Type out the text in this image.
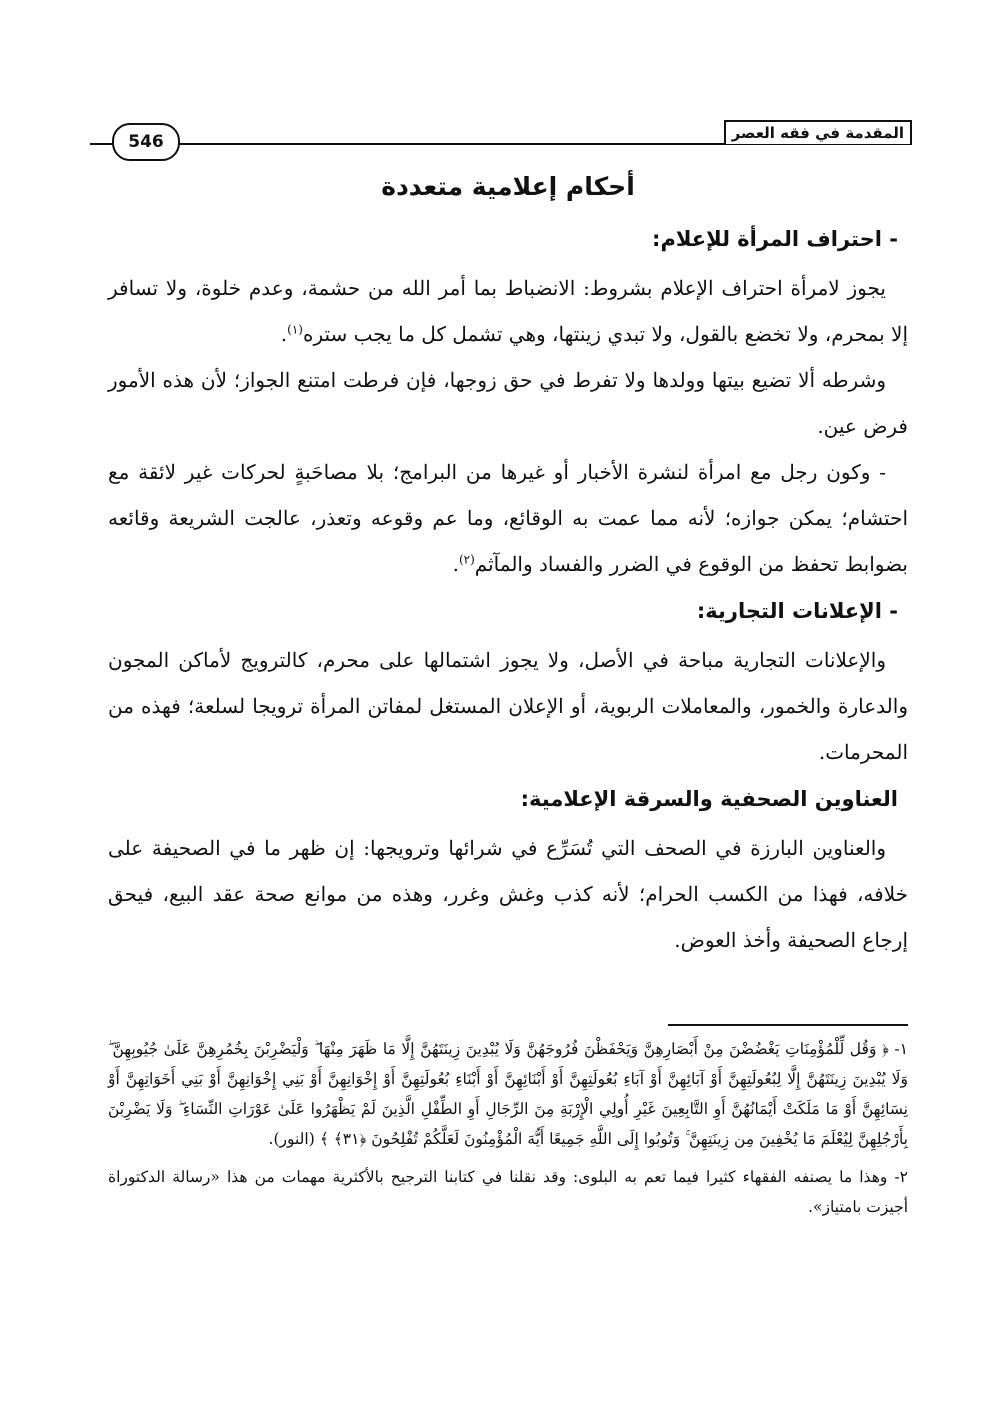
المقدمة في فقه العصر
546
أحكام إعلامية متعددة
- احتراف المرأة للإعلام:

يجوز لامرأة احتراف الإعلام بشروط: الانضباط بما أمر الله من حشمة، وعدم خلوة، ولا تسافر إلا بمحرم، ولا تخضع بالقول، ولا تبدي زينتها، وهي تشمل كل ما يجب ستره$^{(١)}$.

وشرطه ألا تضيع بيتها وولدها ولا تفرط في حق زوجها، فإن فرطت امتنع الجواز؛ لأن هذه الأمور فرض عين.

- وكون رجل مع امرأة لنشرة الأخبار أو غيرها من البرامج؛ بلا مصاحَبةٍ لحركات غير لائقة مع احتشام؛ يمكن جوازه؛ لأنه مما عمت به الوقائع، وما عم وقوعه وتعذر، عالجت الشريعة وقائعه بضوابط تحفظ من الوقوع في الضرر والفساد والمآثم$^{(٢)}$.

- الإعلانات التجارية:

والإعلانات التجارية مباحة في الأصل، ولا يجوز اشتمالها على محرم، كالترويج لأماكن المجون والدعارة والخمور، والمعاملات الربوية، أو الإعلان المستغل لمفاتن المرأة ترويجا لسلعة؛ فهذه من المحرمات.

العناوين الصحفية والسرقة الإعلامية:

والعناوين البارزة في الصحف التي تُسَرِّع في شرائها وترويجها: إن ظهر ما في الصحيفة على خلافه، فهذا من الكسب الحرام؛ لأنه كذب وغش وغرر، وهذه من موانع صحة عقد البيع، فيحق إرجاع الصحيفة وأخذ العوض.

١- ﴿ وَقُل لِّلْمُؤْمِنَاتِ يَغْضُضْنَ مِنْ أَبْصَارِهِنَّ وَيَحْفَظْنَ فُرُوجَهُنَّ وَلَا يُبْدِينَ زِينَتَهُنَّ إِلَّا مَا ظَهَرَ مِنْهَا ۖ وَلْيَضْرِبْنَ بِخُمُرِهِنَّ عَلَىٰ جُيُوبِهِنَّ ۖ وَلَا يُبْدِينَ زِينَتَهُنَّ إِلَّا لِبُعُولَتِهِنَّ أَوْ آبَائِهِنَّ أَوْ آبَاءِ بُعُولَتِهِنَّ أَوْ أَبْنَائِهِنَّ أَوْ أَبْنَاءِ بُعُولَتِهِنَّ أَوْ إِخْوَانِهِنَّ أَوْ بَنِي إِخْوَانِهِنَّ أَوْ بَنِي أَخَوَاتِهِنَّ أَوْ نِسَائِهِنَّ أَوْ مَا مَلَكَتْ أَيْمَانُهُنَّ أَوِ التَّابِعِينَ غَيْرِ أُولِي الْإِرْبَةِ مِنَ الرِّجَالِ أَوِ الطِّفْلِ الَّذِينَ لَمْ يَظْهَرُوا عَلَىٰ عَوْرَاتِ النِّسَاءِ ۖ وَلَا يَضْرِبْنَ بِأَرْجُلِهِنَّ لِيُعْلَمَ مَا يُخْفِينَ مِن زِينَتِهِنَّ ۚ وَتُوبُوا إِلَى اللَّهِ جَمِيعًا أَيُّهَ الْمُؤْمِنُونَ لَعَلَّكُمْ تُفْلِحُونَ ﴿٣١﴾ ﴾ (النور).

٢- وهذا ما يصنفه الفقهاء كثيرا فيما تعم به البلوى: وقد نقلنا في كتابنا الترجيح بالأكثرية مهمات من هذا «رسالة الدكتوراة أجيزت بامتياز».
